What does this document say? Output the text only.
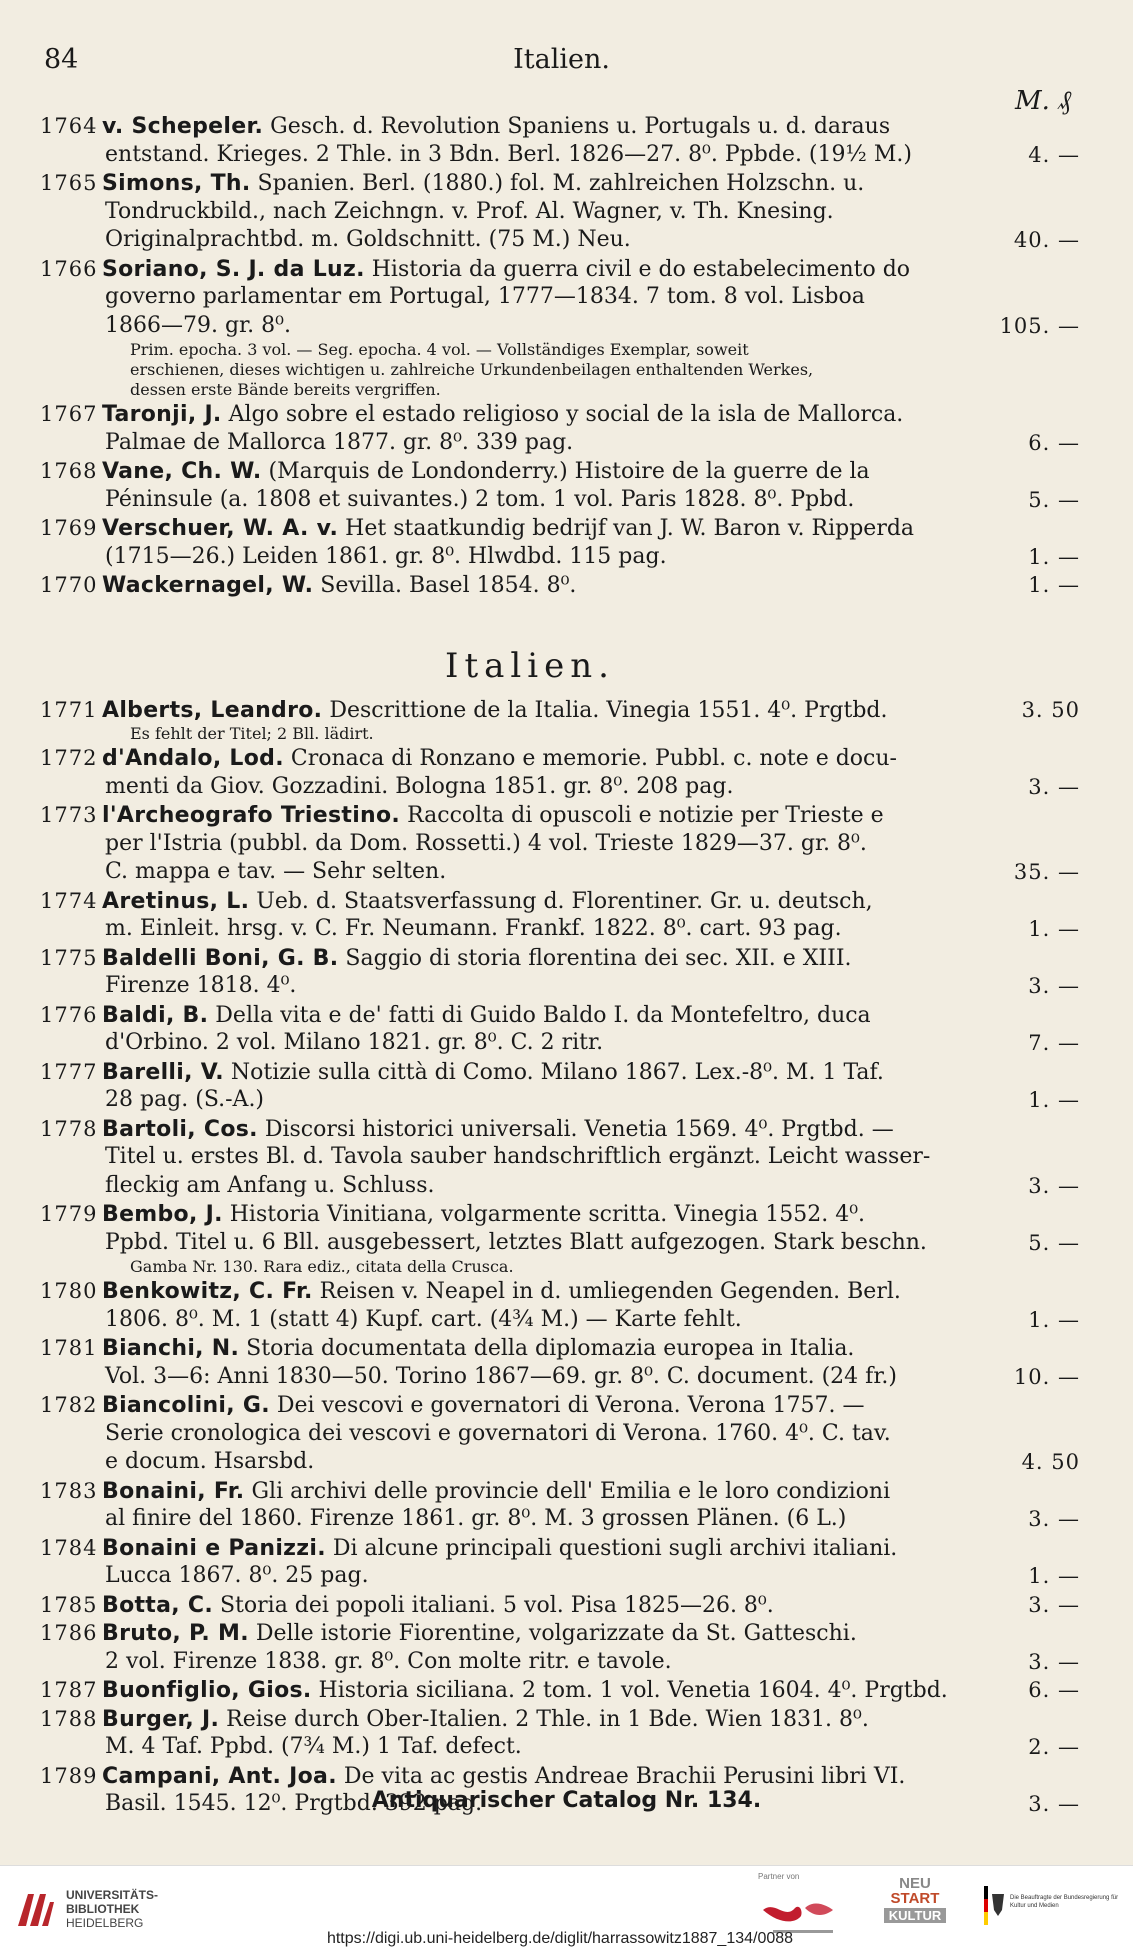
84	Italien.
M. ₰
1764 v. Schepeler. Gesch. d. Revolution Spaniens u. Portugals u. d. daraus
entstand. Krieges. 2 Thle. in 3 Bdn. Berl. 1826—27. 8⁰. Ppbde. (19½ M.)	4. —
1765 Simons, Th. Spanien. Berl. (1880.) fol. M. zahlreichen Holzschn. u.
Tondruckbild., nach Zeichngn. v. Prof. Al. Wagner, v. Th. Knesing.
Originalprachtbd. m. Goldschnitt. (75 M.) Neu.	40. —
1766 Soriano, S. J. da Luz. Historia da guerra civil e do estabelecimento do
governo parlamentar em Portugal, 1777—1834. 7 tom. 8 vol. Lisboa
1866—79. gr. 8⁰.	105. —
Prim. epocha. 3 vol. — Seg. epocha. 4 vol. — Vollständiges Exemplar, soweit
erschienen, dieses wichtigen u. zahlreiche Urkundenbeilagen enthaltenden Werkes,
dessen erste Bände bereits vergriffen.
1767 Taronji, J. Algo sobre el estado religioso y social de la isla de Mallorca.
Palmae de Mallorca 1877. gr. 8⁰. 339 pag.	6. —
1768 Vane, Ch. W. (Marquis de Londonderry.) Histoire de la guerre de la
Péninsule (a. 1808 et suivantes.) 2 tom. 1 vol. Paris 1828. 8⁰. Ppbd.	5. —
1769 Verschuer, W. A. v. Het staatkundig bedrijf van J. W. Baron v. Ripperda
(1715—26.) Leiden 1861. gr. 8⁰. Hlwdbd. 115 pag.	1. —
1770 Wackernagel, W. Sevilla. Basel 1854. 8⁰.	1. —
Italien.
1771 Alberts, Leandro. Descrittione de la Italia. Vinegia 1551. 4⁰. Prgtbd.	3. 50
Es fehlt der Titel; 2 Bll. lädirt.
1772 d'Andalo, Lod. Cronaca di Ronzano e memorie. Pubbl. c. note e docu-
menti da Giov. Gozzadini. Bologna 1851. gr. 8⁰. 208 pag.	3. —
1773 l'Archeografo Triestino. Raccolta di opuscoli e notizie per Trieste e
per l'Istria (pubbl. da Dom. Rossetti.) 4 vol. Trieste 1829—37. gr. 8⁰.
C. mappa e tav. — Sehr selten.	35. —
1774 Aretinus, L. Ueb. d. Staatsverfassung d. Florentiner. Gr. u. deutsch,
m. Einleit. hrsg. v. C. Fr. Neumann. Frankf. 1822. 8⁰. cart. 93 pag.	1. —
1775 Baldelli Boni, G. B. Saggio di storia florentina dei sec. XII. e XIII.
Firenze 1818. 4⁰.	3. —
1776 Baldi, B. Della vita e de' fatti di Guido Baldo I. da Montefeltro, duca
d'Orbino. 2 vol. Milano 1821. gr. 8⁰. C. 2 ritr.	7. —
1777 Barelli, V. Notizie sulla città di Como. Milano 1867. Lex.-8⁰. M. 1 Taf.
28 pag. (S.-A.)	1. —
1778 Bartoli, Cos. Discorsi historici universali. Venetia 1569. 4⁰. Prgtbd. —
Titel u. erstes Bl. d. Tavola sauber handschriftlich ergänzt. Leicht wasser-
fleckig am Anfang u. Schluss.	3. —
1779 Bembo, J. Historia Vinitiana, volgarmente scritta. Vinegia 1552. 4⁰.
Ppbd. Titel u. 6 Bll. ausgebessert, letztes Blatt aufgezogen. Stark beschn.	5. —
Gamba Nr. 130. Rara ediz., citata della Crusca.
1780 Benkowitz, C. Fr. Reisen v. Neapel in d. umliegenden Gegenden. Berl.
1806. 8⁰. M. 1 (statt 4) Kupf. cart. (4¾ M.) — Karte fehlt.	1. —
1781 Bianchi, N. Storia documentata della diplomazia europea in Italia.
Vol. 3—6: Anni 1830—50. Torino 1867—69. gr. 8⁰. C. document. (24 fr.)	10. —
1782 Biancolini, G. Dei vescovi e governatori di Verona. Verona 1757. —
Serie cronologica dei vescovi e governatori di Verona. 1760. 4⁰. C. tav.
e docum. Hsarsbd.	4. 50
1783 Bonaini, Fr. Gli archivi delle provincie dell' Emilia e le loro condizioni
al finire del 1860. Firenze 1861. gr. 8⁰. M. 3 grossen Plänen. (6 L.)	3. —
1784 Bonaini e Panizzi. Di alcune principali questioni sugli archivi italiani.
Lucca 1867. 8⁰. 25 pag.	1. —
1785 Botta, C. Storia dei popoli italiani. 5 vol. Pisa 1825—26. 8⁰.	3. —
1786 Bruto, P. M. Delle istorie Fiorentine, volgarizzate da St. Gatteschi.
2 vol. Firenze 1838. gr. 8⁰. Con molte ritr. e tavole.	3. —
1787 Buonfiglio, Gios. Historia siciliana. 2 tom. 1 vol. Venetia 1604. 4⁰. Prgtbd.	6. —
1788 Burger, J. Reise durch Ober-Italien. 2 Thle. in 1 Bde. Wien 1831. 8⁰.
M. 4 Taf. Ppbd. (7¾ M.) 1 Taf. defect.	2. —
1789 Campani, Ant. Joa. De vita ac gestis Andreae Brachii Perusini libri VI.
Basil. 1545. 12⁰. Prgtbd. 392 pag.	3. —
Antiquarischer Catalog Nr. 134.
UNIVERSITÄTS-
BIBLIOTHEK
HEIDELBERG
Partner von	NEU
START
KULTUR
Die Beauftragte der Bundesregierung für Kultur und Medien
https://digi.ub.uni-heidelberg.de/diglit/harrassowitz1887_134/0088
